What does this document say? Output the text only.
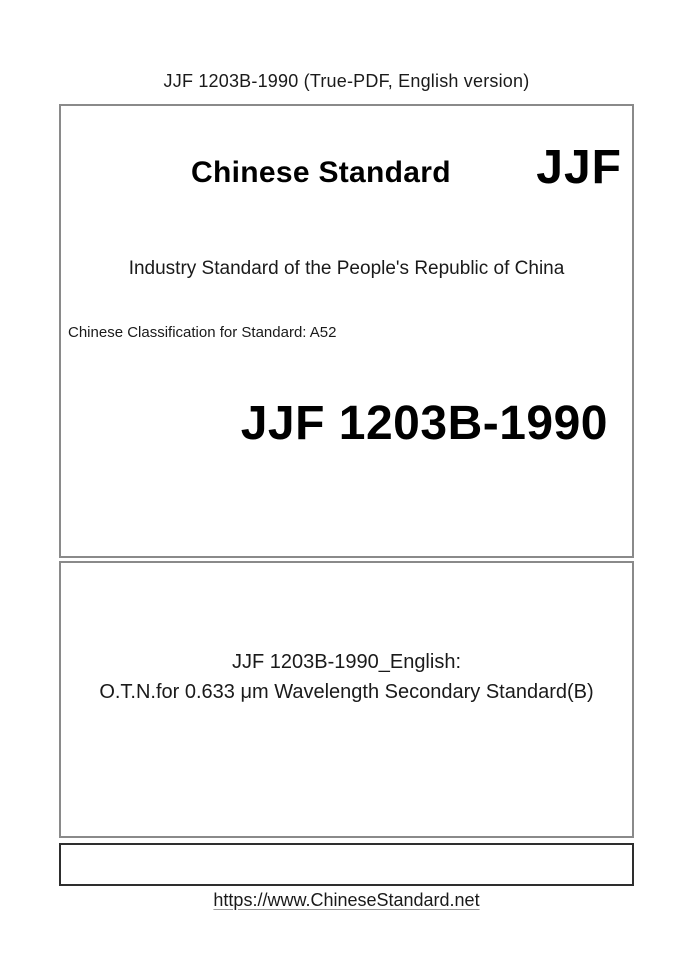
JJF 1203B-1990 (True-PDF, English version)
Chinese Standard JJF
Industry Standard of the People's Republic of China
Chinese Classification for Standard: A52
JJF 1203B-1990
JJF 1203B-1990_English:
O.T.N.for 0.633 μm Wavelength Secondary Standard(B)
https://www.ChineseStandard.net
